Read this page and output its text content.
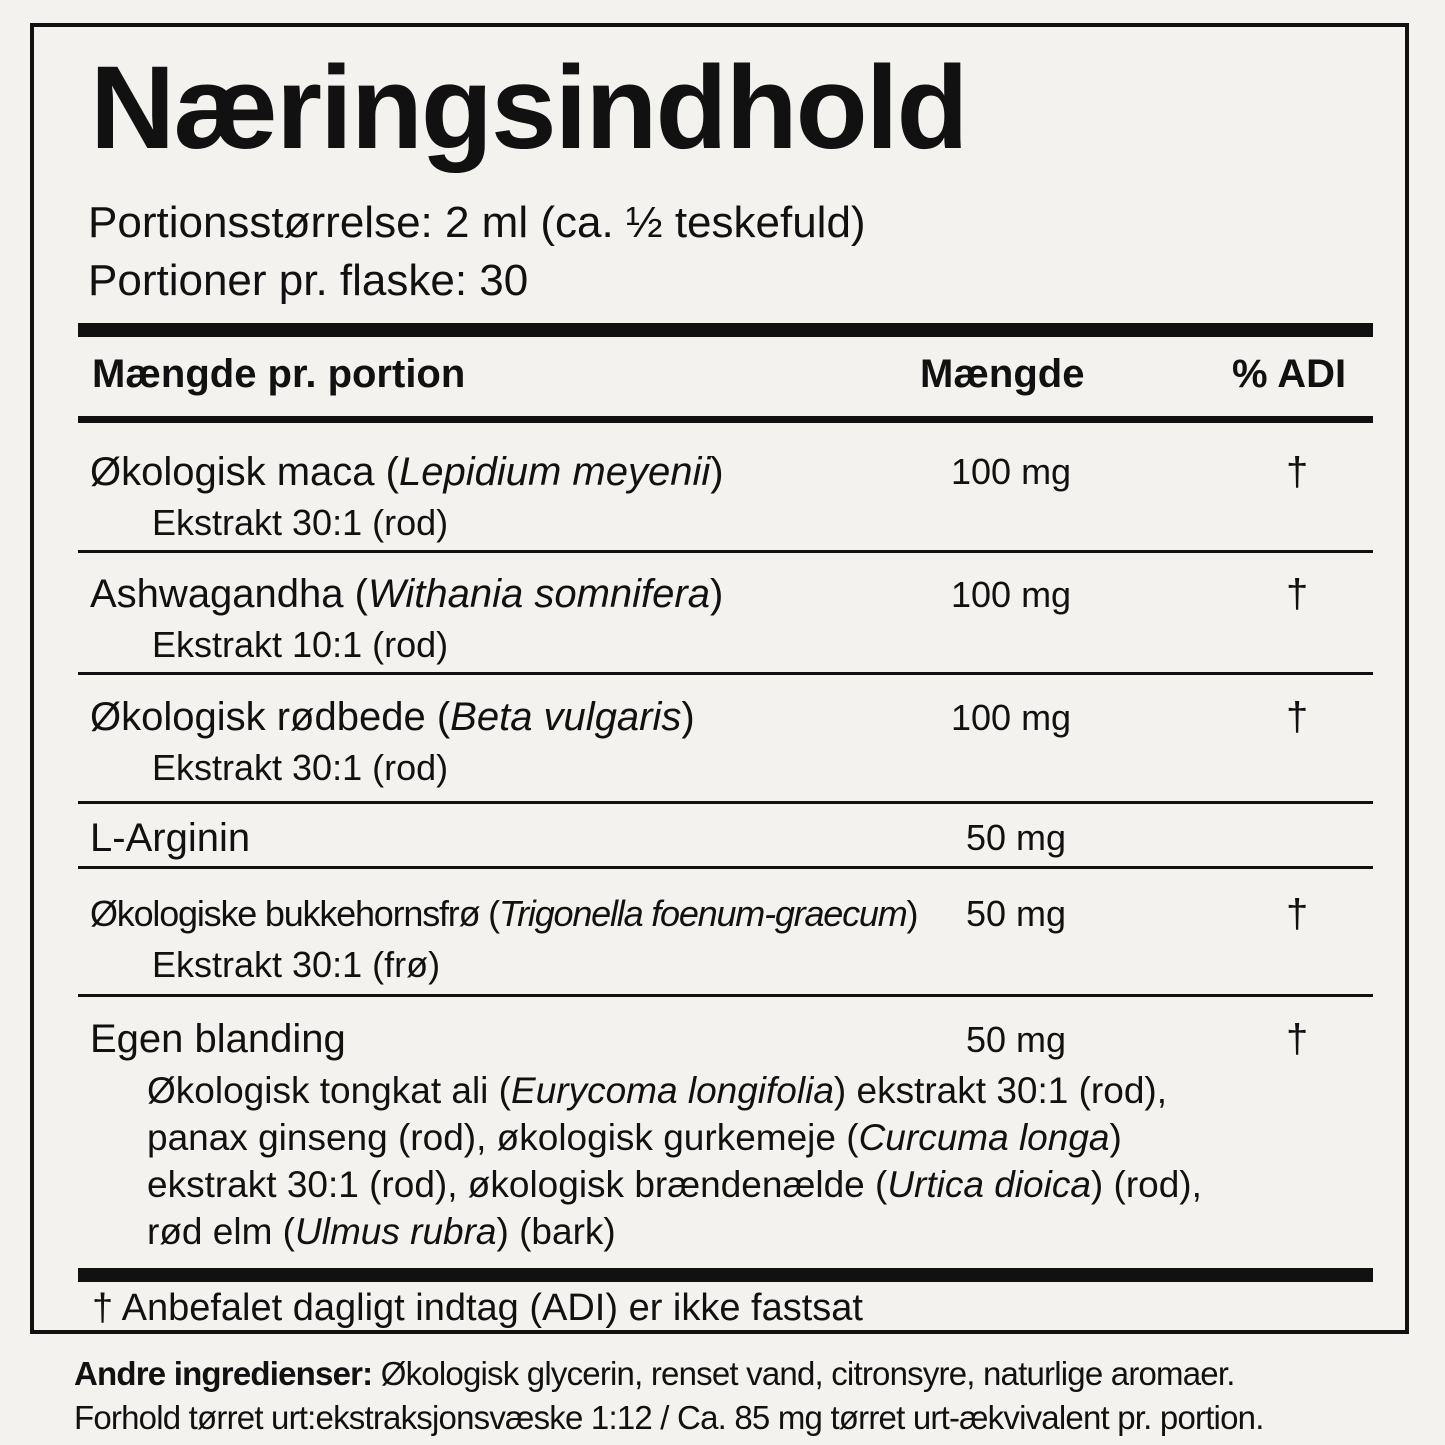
Næringsindhold
Portionsstørrelse: 2 ml (ca. ½ teskefuld)
Portioner pr. flaske: 30
Mængde pr. portion	Mængde	% ADI
Økologisk maca (Lepidium meyenii)
Ekstrakt 30:1 (rod)
100 mg	†
Ashwagandha (Withania somnifera)
Ekstrakt 10:1 (rod)
100 mg	†
Økologisk rødbede (Beta vulgaris)
Ekstrakt 30:1 (rod)
100 mg	†
L-Arginin	50 mg
Økologiske bukkehornsfrø (Trigonella foenum-graecum)
Ekstrakt 30:1 (frø)
50 mg	†
Egen blanding	50 mg	†
Økologisk tongkat ali (Eurycoma longifolia) ekstrakt 30:1 (rod),
panax ginseng (rod), økologisk gurkemeje (Curcuma longa)
ekstrakt 30:1 (rod), økologisk brændenælde (Urtica dioica) (rod),
rød elm (Ulmus rubra) (bark)
† Anbefalet dagligt indtag (ADI) er ikke fastsat
Andre ingredienser: Økologisk glycerin, renset vand, citronsyre, naturlige aromaer.
Forhold tørret urt:ekstraksjonsvæske 1:12 / Ca. 85 mg tørret urt-ækvivalent pr. portion.
